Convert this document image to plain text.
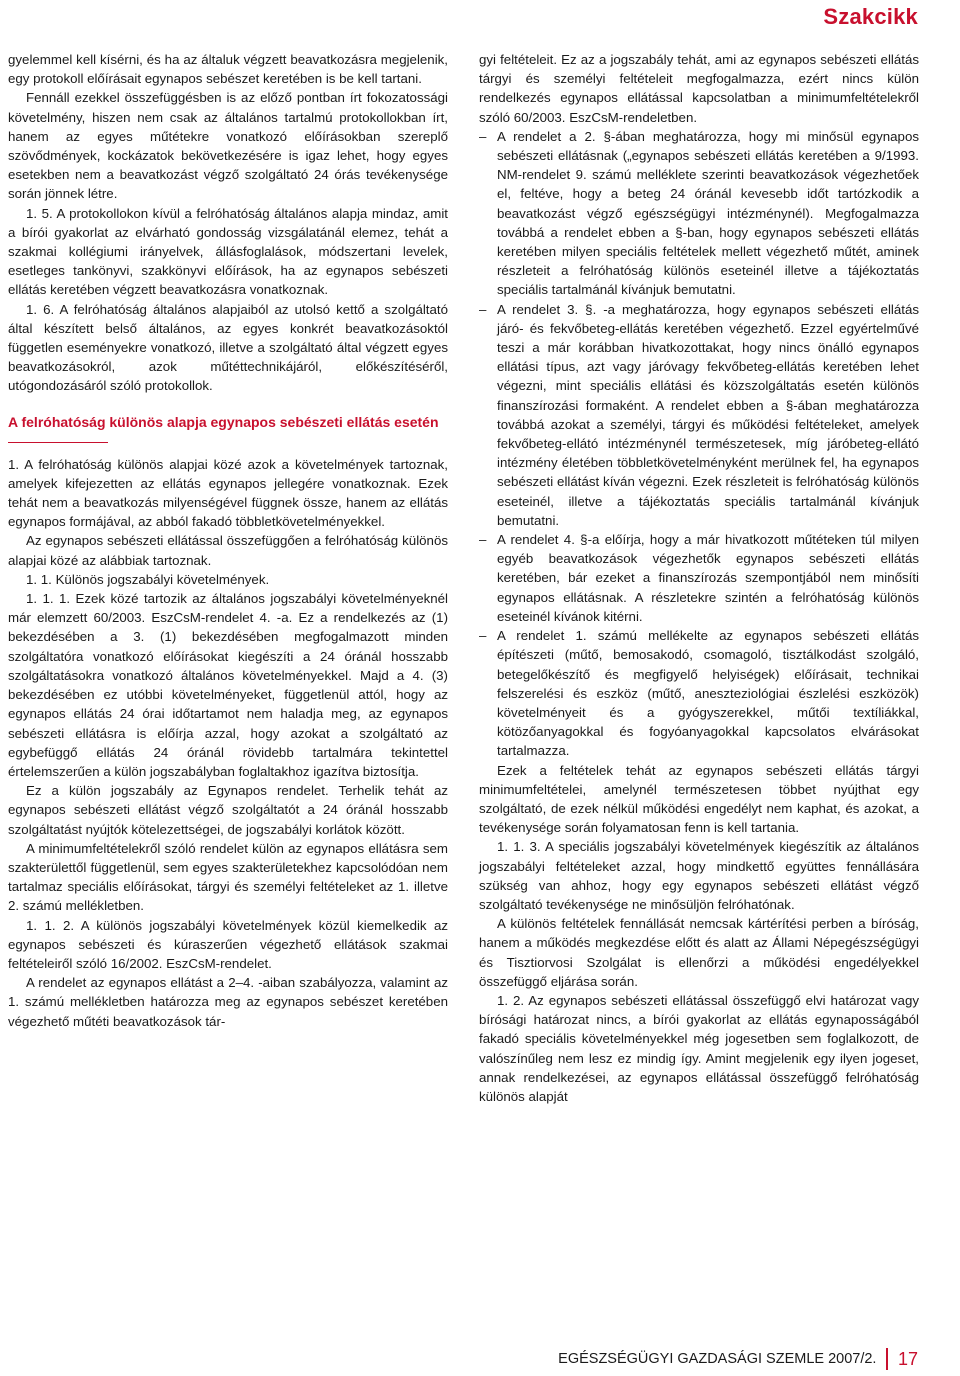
Szakcikk

gyelemmel kell kísérni, és ha az általuk végzett beavatkozásra megjelenik, egy protokoll előírásait egynapos sebészet keretében is be kell tartani.

Fennáll ezekkel összefüggésben is az előző pontban írt fokozatossági követelmény, hiszen nem csak az általános tartalmú protokollokban írt, hanem az egyes műtétekre vonatkozó előírásokban szereplő szövődmények, kockázatok bekövetkezésére is igaz lehet, hogy egyes esetekben nem a beavatkozást végző szolgáltató 24 órás tevékenysége során jönnek létre.

1. 5. A protokollokon kívül a felróhatóság általános alapja mindaz, amit a bírói gyakorlat az elvárható gondosság vizsgálatánál elemez, tehát a szakmai kollégiumi irányelvek, állásfoglalások, módszertani levelek, esetleges tankönyvi, szakkönyvi előírások, ha az egynapos sebészeti ellátás keretében végzett beavatkozásra vonatkoznak.

1. 6. A felróhatóság általános alapjaiból az utolsó kettő a szolgáltató által készített belső általános, az egyes konkrét beavatkozásoktól független eseményekre vonatkozó, illetve a szolgáltató által végzett egyes beavatkozásokról, azok műtéttechnikájáról, előkészítéséről, utógondozásáról szóló protokollok.

A felróhatóság különös alapja egynapos sebészeti ellátás esetén

1. A felróhatóság különös alapjai közé azok a követelmények tartoznak, amelyek kifejezetten az ellátás egynapos jellegére vonatkoznak. Ezek tehát nem a beavatkozás milyenségével függnek össze, hanem az ellátás egynapos formájával, az abból fakadó többletkövetelményekkel.

Az egynapos sebészeti ellátással összefüggően a felróhatóság különös alapjai közé az alábbiak tartoznak.

1. 1. Különös jogszabályi követelmények.

1. 1. 1. Ezek közé tartozik az általános jogszabályi követelményeknél már elemzett 60/2003. EszCsM-rendelet 4. -a. Ez a rendelkezés az (1) bekezdésében a 3. (1) bekezdésében megfogalmazott minden szolgáltatóra vonatkozó előírásokat kiegészíti a 24 óránál hosszabb szolgáltatásokra vonatkozó általános követelményekkel. Majd a 4. (3) bekezdésében ez utóbbi követelményeket, függetlenül attól, hogy az egynapos ellátás 24 órai időtartamot nem haladja meg, az egynapos sebészeti ellátásra is előírja azzal, hogy azokat a szolgáltató az egybefüggő ellátás 24 óránál rövidebb tartalmára tekintettel értelemszerűen a külön jogszabályban foglaltakhoz igazítva biztosítja.

Ez a külön jogszabály az Egynapos rendelet. Terhelik tehát az egynapos sebészeti ellátást végző szolgáltatót a 24 óránál hosszabb szolgáltatást nyújtók kötelezettségei, de jogszabályi korlátok között.

A minimumfeltételekről szóló rendelet külön az egynapos ellátásra sem szakterülettől függetlenül, sem egyes szakterületekhez kapcsolódóan nem tartalmaz speciális előírásokat, tárgyi és személyi feltételeket az 1. illetve 2. számú mellékletben.

1. 1. 2. A különös jogszabályi követelmények közül kiemelkedik az egynapos sebészeti és kúraszerűen végezhető ellátások szakmai feltételeiről szóló 16/2002. EszCsM-rendelet.

A rendelet az egynapos ellátást a 2–4. -aiban szabályozza, valamint az 1. számú mellékletben határozza meg az egynapos sebészet keretében végezhető műtéti beavatkozások tár-

gyi feltételeit. Ez az a jogszabály tehát, ami az egynapos sebészeti ellátás tárgyi és személyi feltételeit megfogalmazza, ezért nincs külön rendelkezés egynapos ellátással kapcsolatban a minimumfeltételekről szóló 60/2003. EszCsM-rendeletben.

– A rendelet a 2. §-ában meghatározza, hogy mi minősül egynapos sebészeti ellátásnak („egynapos sebészeti ellátás keretében a 9/1993. NM-rendelet 9. számú melléklete szerinti beavatkozások végezhetőek el, feltéve, hogy a beteg 24 óránál kevesebb időt tartózkodik a beavatkozást végző egészségügyi intézménynél). Megfogalmazza továbbá a rendelet ebben a §-ban, hogy egynapos sebészeti ellátás keretében milyen speciális feltételek mellett végezhető műtét, aminek részleteit a felróhatóság különös eseteinél illetve a tájékoztatás speciális tartalmánál kívánjuk bemutatni.

– A rendelet 3. §. -a meghatározza, hogy egynapos sebészeti ellátás járó- és fekvőbeteg-ellátás keretében végezhető. Ezzel egyértelművé teszi a már korábban hivatkozottakat, hogy nincs önálló egynapos ellátási típus, azt vagy járóvagy fekvőbeteg-ellátás keretében lehet végezni, mint speciális ellátási és közszolgáltatás esetén különös finanszírozási formaként. A rendelet ebben a §-ában meghatározza továbbá azokat a személyi, tárgyi és működési feltételeket, amelyek fekvőbeteg-ellátó intézménynél természetesek, míg járóbeteg-ellátó intézmény életében többletkövetelményként merülnek fel, ha egynapos sebészeti ellátást kíván végezni. Ezek részleteit is felróhatóság különös eseteinél, illetve a tájékoztatás speciális tartalmánál kívánjuk bemutatni.

– A rendelet 4. §-a előírja, hogy a már hivatkozott műtéteken túl milyen egyéb beavatkozások végezhetők egynapos sebészeti ellátás keretében, bár ezeket a finanszírozás szempontjából nem minősíti egynapos ellátásnak. A részletekre szintén a felróhatóság különös eseteinél kívánok kitérni.

– A rendelet 1. számú mellékelte az egynapos sebészeti ellátás építészeti (műtő, bemosakodó, csomagoló, tisztálkodást szolgáló, betegelőkészítő és megfigyelő helyiségek) előírásait, technikai felszerelési és eszköz (műtő, aneszteziológiai észlelési eszközök) követelményeit és a gyógyszerekkel, műtői textíliákkal, kötözőanyagokkal és fogyóanyagokkal kapcsolatos elvárásokat tartalmazza.

Ezek a feltételek tehát az egynapos sebészeti ellátás tárgyi minimumfeltételei, amelynél természetesen többet nyújthat egy szolgáltató, de ezek nélkül működési engedélyt nem kaphat, és azokat, a tevékenysége során folyamatosan fenn is kell tartania.

1. 1. 3. A speciális jogszabályi követelmények kiegészítik az általános jogszabályi feltételeket azzal, hogy mindkettő együttes fennállására szükség van ahhoz, hogy egy egynapos sebészeti ellátást végző szolgáltató tevékenysége ne minősüljön felróhatónak.

A különös feltételek fennállását nemcsak kártérítési perben a bíróság, hanem a működés megkezdése előtt és alatt az Állami Népegészségügyi és Tisztiorvosi Szolgálat is ellenőrzi a működési engedélyekkel összefüggő eljárása során.

1. 2. Az egynapos sebészeti ellátással összefüggő elvi határozat vagy bírósági határozat nincs, a bírói gyakorlat az ellátás egynaposságából fakadó speciális követelményekkel még jogesetben sem foglalkozott, de valószínűleg nem lesz ez mindig így. Amint megjelenik egy ilyen jogeset, annak rendelkezései, az egynapos ellátással összefüggő felróhatóság különös alapját

EGÉSZSÉGÜGYI GAZDASÁGI SZEMLE 2007/2. 17
